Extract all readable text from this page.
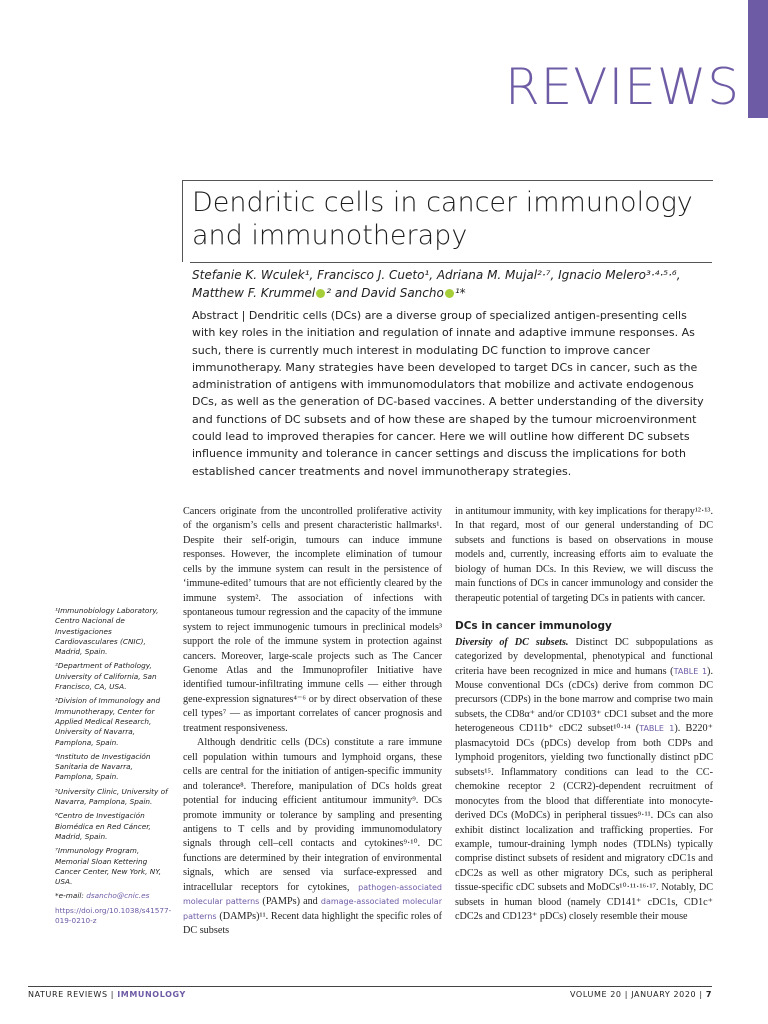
REVIEWS
Dendritic cells in cancer immunology and immunotherapy
Stefanie K. Wculek¹, Francisco J. Cueto¹, Adriana M. Mujal²·⁷, Ignacio Melero³·⁴·⁵·⁶,
Matthew F. Krummel ² and David Sancho ¹*

Abstract | Dendritic cells (DCs) are a diverse group of specialized antigen-presenting cells with key roles in the initiation and regulation of innate and adaptive immune responses. As such, there is currently much interest in modulating DC function to improve cancer immunotherapy. Many strategies have been developed to target DCs in cancer, such as the administration of antigens with immunomodulators that mobilize and activate endogenous DCs, as well as the generation of DC-based vaccines. A better understanding of the diversity and functions of DC subsets and of how these are shaped by the tumour microenvironment could lead to improved therapies for cancer. Here we will outline how different DC subsets influence immunity and tolerance in cancer settings and discuss the implications for both established cancer treatments and novel immunotherapy strategies.

Cancers originate from the uncontrolled proliferative activity of the organism’s cells and present characteristic hallmarks¹. Despite their self-origin, tumours can induce immune responses. However, the incomplete elimination of tumour cells by the immune system can result in the persistence of ‘immune-edited’ tumours that are not efficiently cleared by the immune system². The association of infections with spontaneous tumour regression and the capacity of the immune system to reject immunogenic tumours in preclinical models³ support the role of the immune system in protection against cancers. Moreover, large-scale projects such as The Cancer Genome Atlas and the Immunoprofiler Initiative have identified tumour-infiltrating immune cells — either through gene-expression signatures⁴⁻⁶ or by direct observation of these cell types⁷ — as important correlates of cancer prognosis and treatment responsiveness.

Although dendritic cells (DCs) constitute a rare immune cell population within tumours and lymphoid organs, these cells are central for the initiation of antigen-specific immunity and tolerance⁸. Therefore, manipulation of DCs holds great potential for inducing efficient antitumour immunity⁹. DCs promote immunity or tolerance by sampling and presenting antigens to T cells and by providing immunomodulatory signals through cell–cell contacts and cytokines⁹·¹⁰. DC functions are determined by their integration of environmental signals, which are sensed via surface-expressed and intracellular receptors for cytokines, pathogen-associated molecular patterns (PAMPs) and damage-associated molecular patterns (DAMPs)¹¹. Recent data highlight the specific roles of DC subsets

in antitumour immunity, with key implications for therapy¹²·¹³. In that regard, most of our general understanding of DC subsets and functions is based on observations in mouse models and, currently, increasing efforts aim to evaluate the biology of human DCs. In this Review, we will discuss the main functions of DCs in cancer immunology and consider the therapeutic potential of targeting DCs in patients with cancer.

DCs in cancer immunology

Diversity of DC subsets. Distinct DC subpopulations as categorized by developmental, phenotypical and functional criteria have been recognized in mice and humans (TABLE 1). Mouse conventional DCs (cDCs) derive from common DC precursors (CDPs) in the bone marrow and comprise two main subsets, the CD8α⁺ and/or CD103⁺ cDC1 subset and the more heterogeneous CD11b⁺ cDC2 subset¹⁰·¹⁴ (TABLE 1). B220⁺ plasmacytoid DCs (pDCs) develop from both CDPs and lymphoid progenitors, yielding two functionally distinct pDC subsets¹⁵. Inflammatory conditions can lead to the CC-chemokine receptor 2 (CCR2)-dependent recruitment of monocytes from the blood that differentiate into monocyte-derived DCs (MoDCs) in peripheral tissues⁹·¹¹. DCs can also exhibit distinct localization and trafficking properties. For example, tumour-draining lymph nodes (TDLNs) typically comprise distinct subsets of resident and migratory cDC1s and cDC2s as well as other migratory DCs, such as peripheral tissue-specific cDC subsets and MoDCs¹⁰·¹¹·¹⁶·¹⁷. Notably, DC subsets in human blood (namely CD141⁺ cDC1s, CD1c⁺ cDC2s and CD123⁺ pDCs) closely resemble their mouse

¹Immunobiology Laboratory, Centro Nacional de Investigaciones Cardiovasculares (CNIC), Madrid, Spain.
²Department of Pathology, University of California, San Francisco, CA, USA.
³Division of Immunology and Immunotherapy, Center for Applied Medical Research, University of Navarra, Pamplona, Spain.
⁴Instituto de Investigación Sanitaria de Navarra, Pamplona, Spain.
⁵University Clinic, University of Navarra, Pamplona, Spain.
⁶Centro de Investigación Biomédica en Red Cáncer, Madrid, Spain.
⁷Immunology Program, Memorial Sloan Kettering Cancer Center, New York, NY, USA.
*e-mail: dsancho@cnic.es
https://doi.org/10.1038/s41577-019-0210-z
NATURE REVIEWS | IMMUNOLOGY	VOLUME 20 | JANUARY 2020 | 7
